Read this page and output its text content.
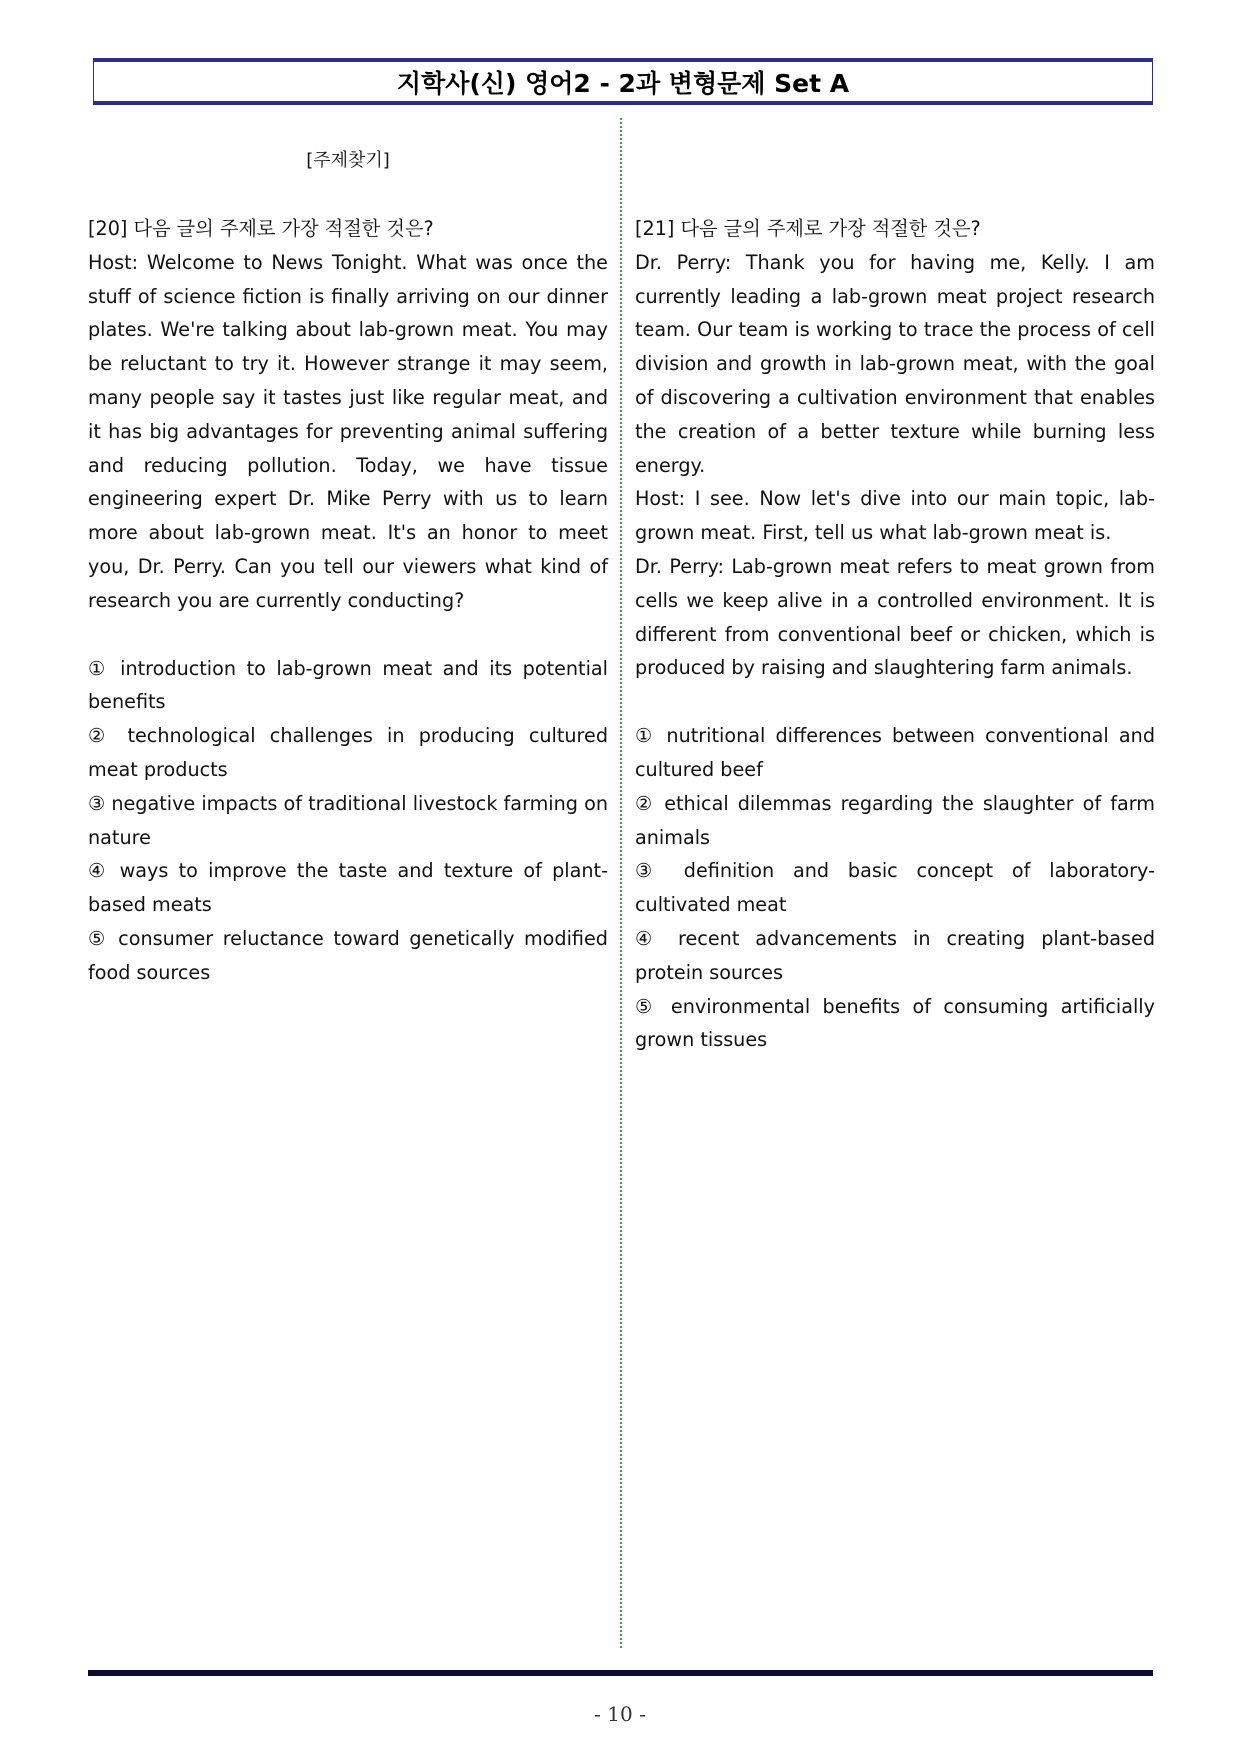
지학사(신) 영어2 - 2과 변형문제 Set A
[주제찾기]

[20] 다음 글의 주제로 가장 적절한 것은?

Host: Welcome to News Tonight. What was once the stuff of science fiction is finally arriving on our dinner plates. We're talking about lab-grown meat. You may be reluctant to try it. However strange it may seem, many people say it tastes just like regular meat, and it has big advantages for preventing animal suffering and reducing pollution. Today, we have tissue engineering expert Dr. Mike Perry with us to learn more about lab-grown meat. It's an honor to meet you, Dr. Perry. Can you tell our viewers what kind of research you are currently conducting?

① introduction to lab-grown meat and its potential benefits

② technological challenges in producing cultured meat products

③ negative impacts of traditional livestock farming on nature

④ ways to improve the taste and texture of plant-based meats

⑤ consumer reluctance toward genetically modified food sources

[21] 다음 글의 주제로 가장 적절한 것은?

Dr. Perry: Thank you for having me, Kelly. I am currently leading a lab-grown meat project research team. Our team is working to trace the process of cell division and growth in lab-grown meat, with the goal of discovering a cultivation environment that enables the creation of a better texture while burning less energy.

Host: I see. Now let's dive into our main topic, lab-grown meat. First, tell us what lab-grown meat is.

Dr. Perry: Lab-grown meat refers to meat grown from cells we keep alive in a controlled environment. It is different from conventional beef or chicken, which is produced by raising and slaughtering farm animals.

① nutritional differences between conventional and cultured beef

② ethical dilemmas regarding the slaughter of farm animals

③ definition and basic concept of laboratory-cultivated meat

④ recent advancements in creating plant-based protein sources

⑤ environmental benefits of consuming artificially grown tissues

- 10 -
